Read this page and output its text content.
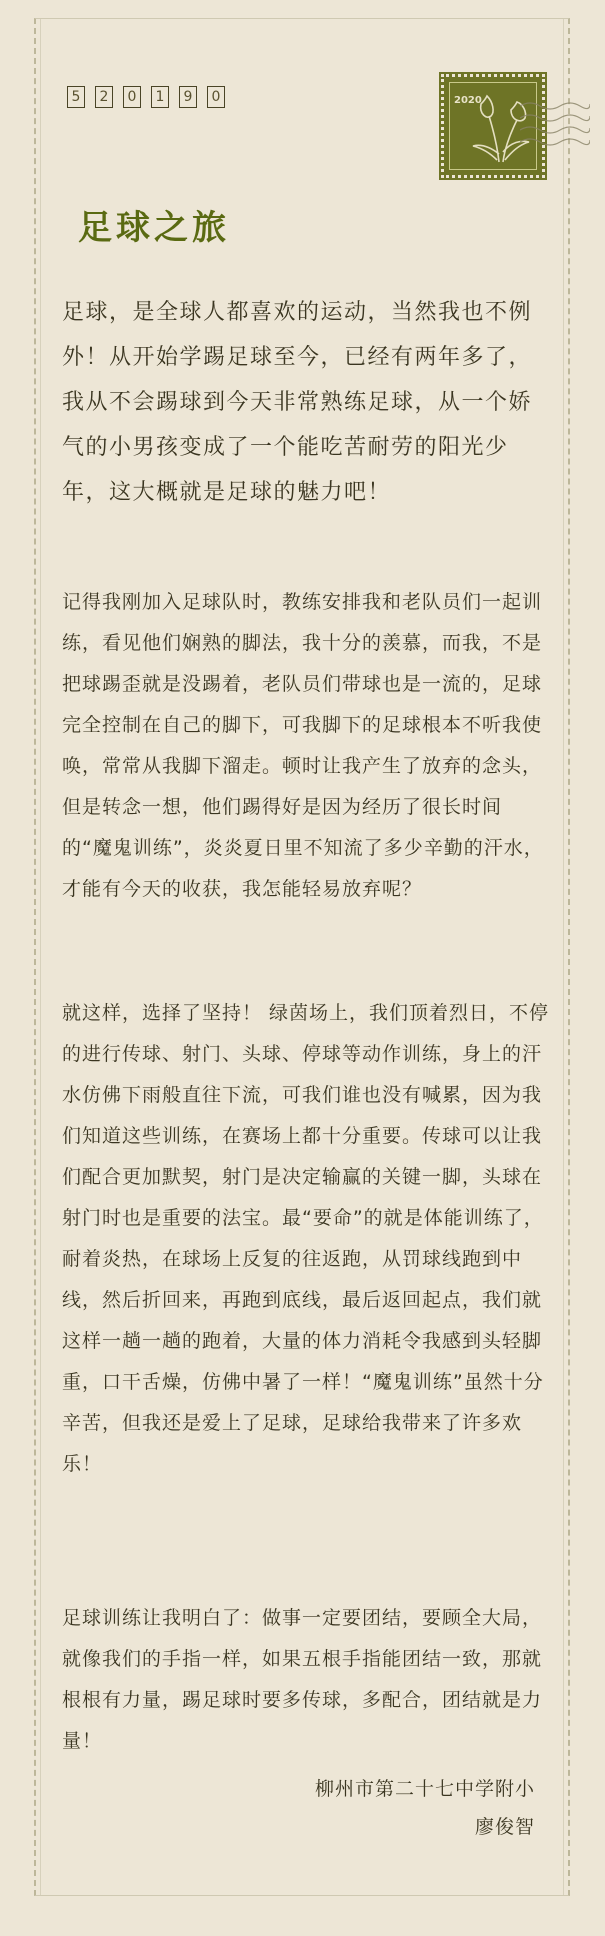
5	2	0	1	9	0	2020
足球之旅

足球，是全球人都喜欢的运动，当然我也不例外！从开始学踢足球至今，已经有两年多了，我从不会踢球到今天非常熟练足球，从一个娇气的小男孩变成了一个能吃苦耐劳的阳光少年，这大概就是足球的魅力吧！

记得我刚加入足球队时，教练安排我和老队员们一起训练，看见他们娴熟的脚法，我十分的羡慕，而我，不是把球踢歪就是没踢着，老队员们带球也是一流的，足球完全控制在自己的脚下，可我脚下的足球根本不听我使唤，常常从我脚下溜走。顿时让我产生了放弃的念头，但是转念一想，他们踢得好是因为经历了很长时间的“魔鬼训练”，炎炎夏日里不知流了多少辛勤的汗水，才能有今天的收获，我怎能轻易放弃呢？

就这样，选择了坚持！ 绿茵场上，我们顶着烈日，不停的进行传球、射门、头球、停球等动作训练，身上的汗水仿佛下雨般直往下流，可我们谁也没有喊累，因为我们知道这些训练，在赛场上都十分重要。传球可以让我们配合更加默契，射门是决定输赢的关键一脚，头球在射门时也是重要的法宝。最“要命”的就是体能训练了，耐着炎热，在球场上反复的往返跑，从罚球线跑到中线，然后折回来，再跑到底线，最后返回起点，我们就这样一趟一趟的跑着，大量的体力消耗令我感到头轻脚重，口干舌燥，仿佛中暑了一样！“魔鬼训练”虽然十分辛苦，但我还是爱上了足球，足球给我带来了许多欢乐！

足球训练让我明白了：做事一定要团结，要顾全大局，就像我们的手指一样，如果五根手指能团结一致，那就根根有力量，踢足球时要多传球，多配合，团结就是力量！

柳州市第二十七中学附小
廖俊智
